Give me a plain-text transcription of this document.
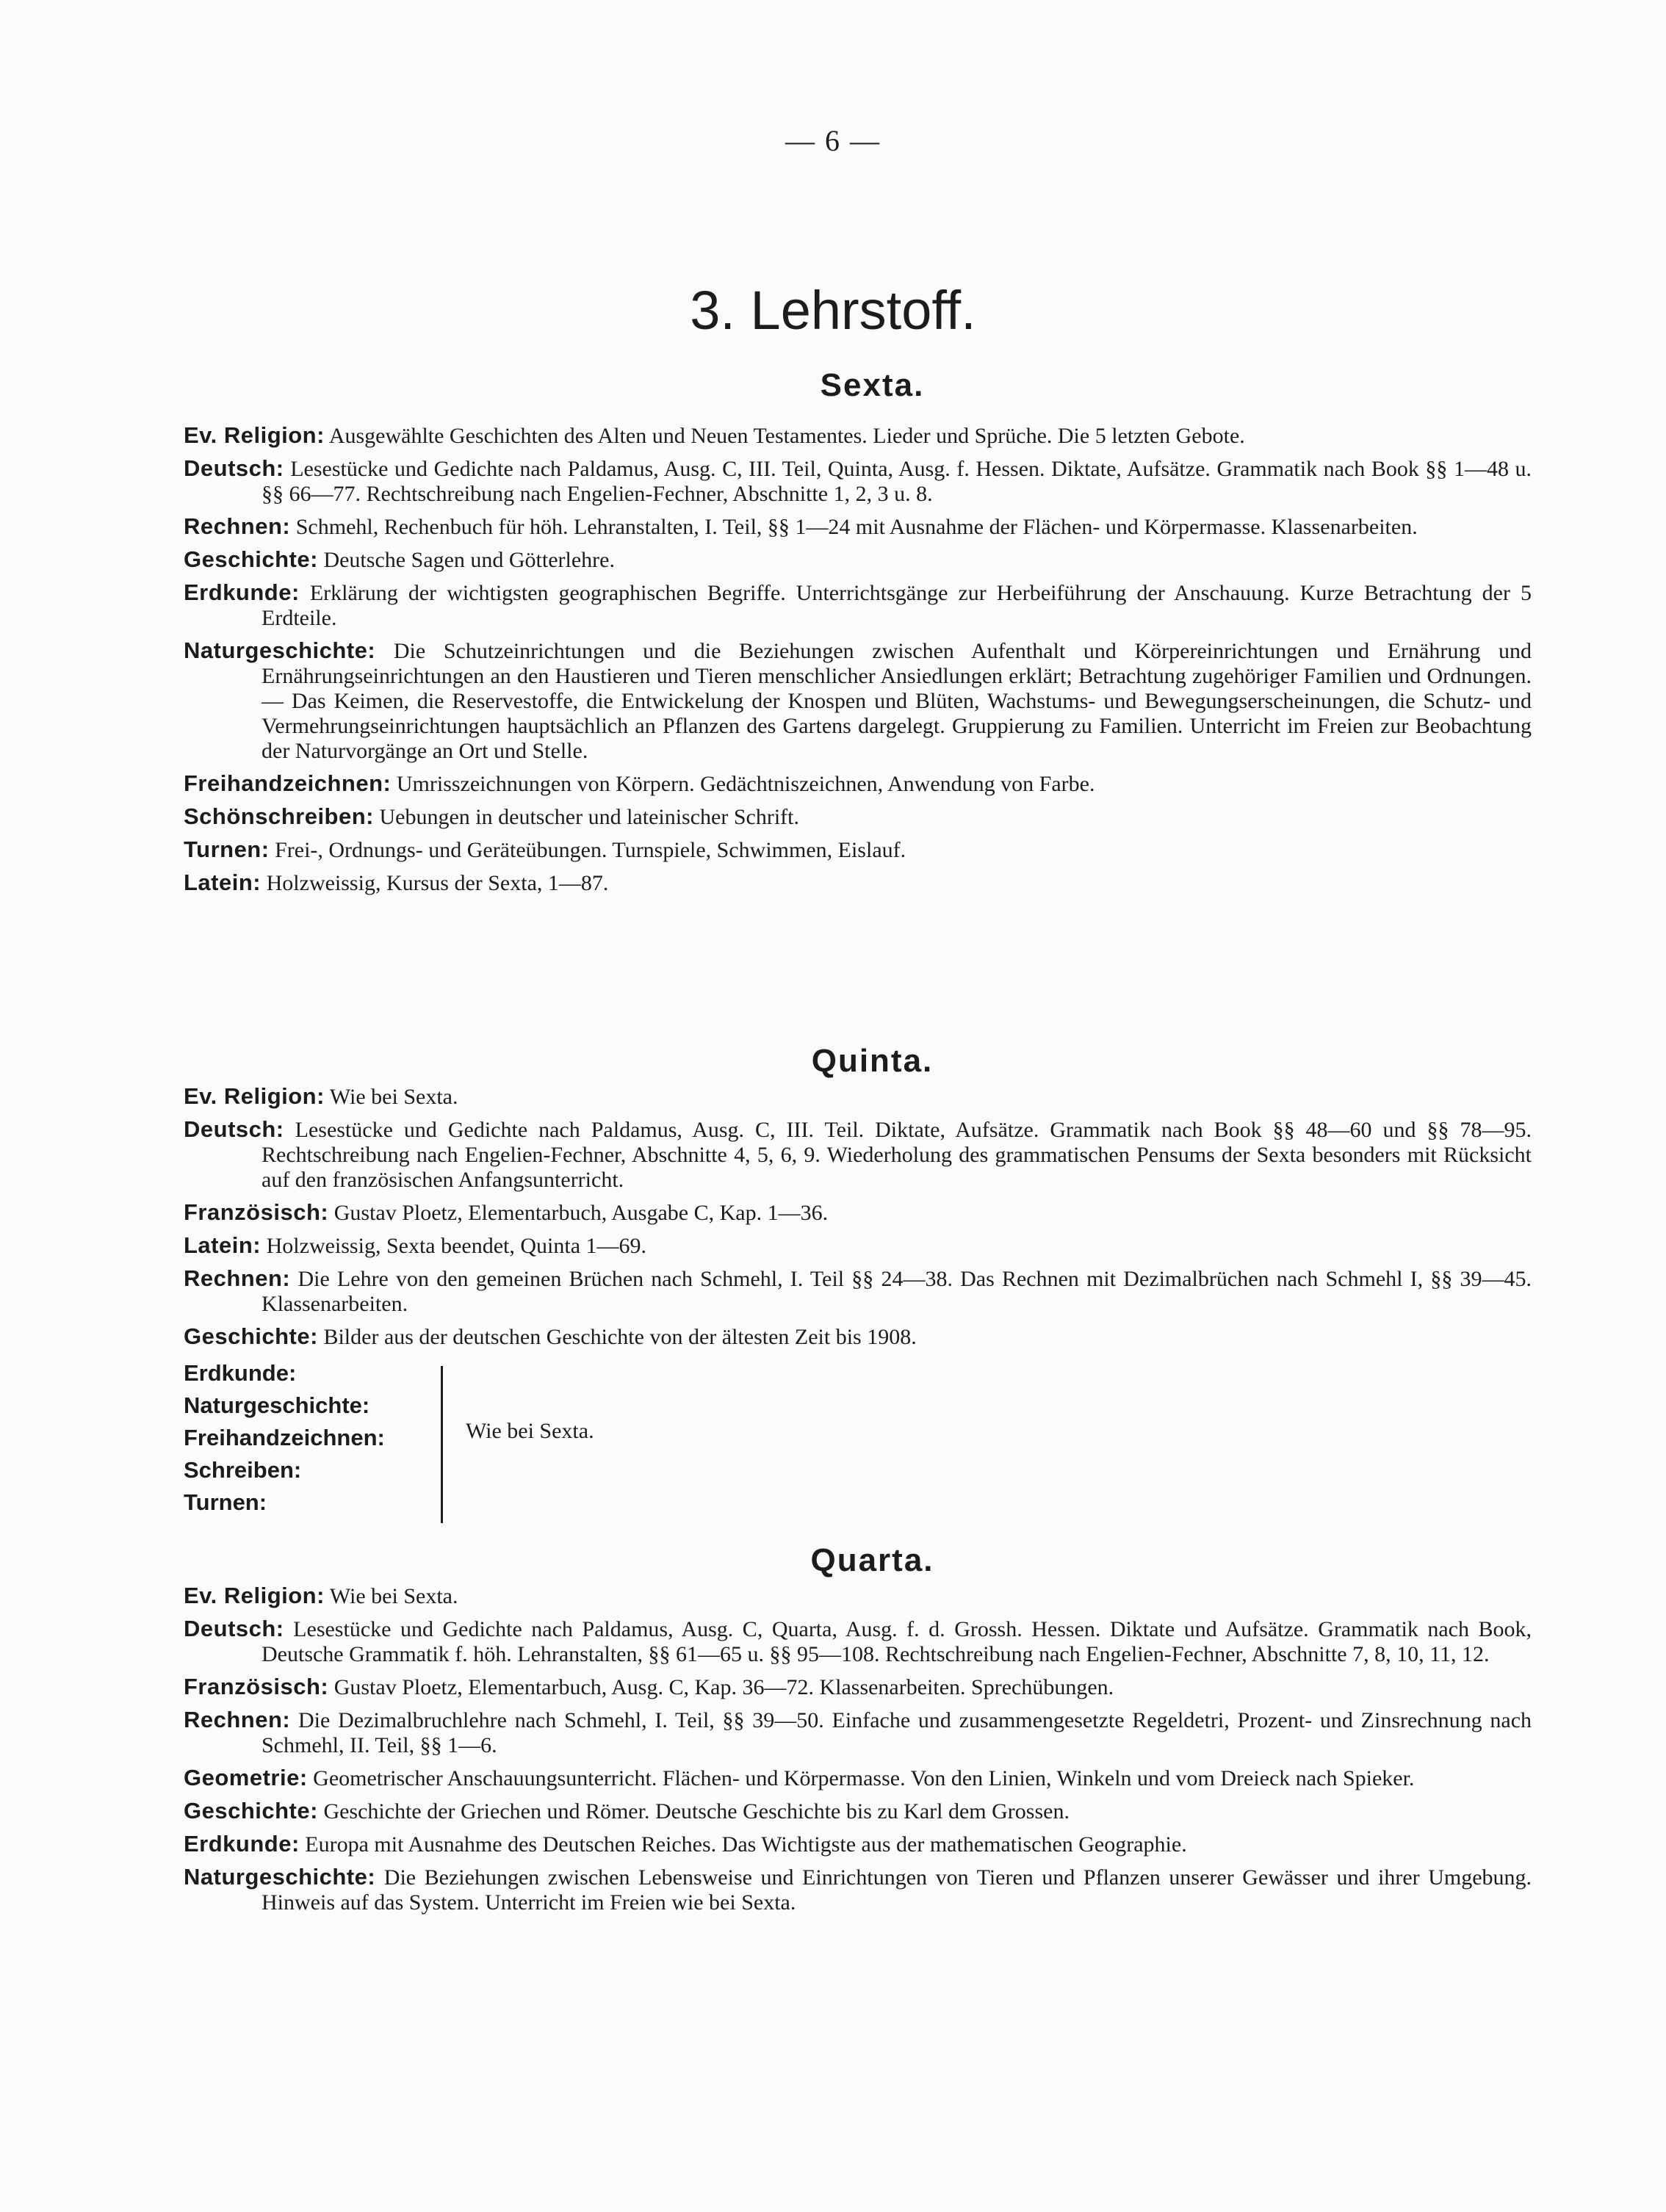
— 6 —
3. Lehrstoff.
Sexta.

Ev. Religion: Ausgewählte Geschichten des Alten und Neuen Testamentes. Lieder und Sprüche. Die 5 letzten Gebote.

Deutsch: Lesestücke und Gedichte nach Paldamus, Ausg. C, III. Teil, Quinta, Ausg. f. Hessen. Diktate, Aufsätze. Grammatik nach Book §§ 1—48 u. §§ 66—77. Rechtschreibung nach Engelien-Fechner, Abschnitte 1, 2, 3 u. 8.

Rechnen: Schmehl, Rechenbuch für höh. Lehranstalten, I. Teil, §§ 1—24 mit Ausnahme der Flächen- und Körpermasse. Klassenarbeiten.

Geschichte: Deutsche Sagen und Götterlehre.

Erdkunde: Erklärung der wichtigsten geographischen Begriffe. Unterrichtsgänge zur Herbeiführung der Anschauung. Kurze Betrachtung der 5 Erdteile.

Naturgeschichte: Die Schutzeinrichtungen und die Beziehungen zwischen Aufenthalt und Körpereinrichtungen und Ernährung und Ernährungseinrichtungen an den Haustieren und Tieren menschlicher Ansiedlungen erklärt; Betrachtung zugehöriger Familien und Ordnungen. — Das Keimen, die Reservestoffe, die Entwickelung der Knospen und Blüten, Wachstums- und Bewegungserscheinungen, die Schutz- und Vermehrungseinrichtungen hauptsächlich an Pflanzen des Gartens dargelegt. Gruppierung zu Familien. Unterricht im Freien zur Beobachtung der Naturvorgänge an Ort und Stelle.

Freihandzeichnen: Umrisszeichnungen von Körpern. Gedächtniszeichnen, Anwendung von Farbe.

Schönschreiben: Uebungen in deutscher und lateinischer Schrift.

Turnen: Frei-, Ordnungs- und Geräteübungen. Turnspiele, Schwimmen, Eislauf.

Latein: Holzweissig, Kursus der Sexta, 1—87.

Quinta.

Ev. Religion: Wie bei Sexta.

Deutsch: Lesestücke und Gedichte nach Paldamus, Ausg. C, III. Teil. Diktate, Aufsätze. Grammatik nach Book §§ 48—60 und §§ 78—95. Rechtschreibung nach Engelien-Fechner, Abschnitte 4, 5, 6, 9. Wiederholung des grammatischen Pensums der Sexta besonders mit Rücksicht auf den französischen Anfangsunterricht.

Französisch: Gustav Ploetz, Elementarbuch, Ausgabe C, Kap. 1—36.

Latein: Holzweissig, Sexta beendet, Quinta 1—69.

Rechnen: Die Lehre von den gemeinen Brüchen nach Schmehl, I. Teil §§ 24—38. Das Rechnen mit Dezimalbrüchen nach Schmehl I, §§ 39—45. Klassenarbeiten.

Geschichte: Bilder aus der deutschen Geschichte von der ältesten Zeit bis 1908.

Erdkunde:
Naturgeschichte:
Freihandzeichnen:
Schreiben:
Turnen:
Wie bei Sexta.
Quarta.

Ev. Religion: Wie bei Sexta.

Deutsch: Lesestücke und Gedichte nach Paldamus, Ausg. C, Quarta, Ausg. f. d. Grossh. Hessen. Diktate und Aufsätze. Grammatik nach Book, Deutsche Grammatik f. höh. Lehranstalten, §§ 61—65 u. §§ 95—108. Rechtschreibung nach Engelien-Fechner, Abschnitte 7, 8, 10, 11, 12.

Französisch: Gustav Ploetz, Elementarbuch, Ausg. C, Kap. 36—72. Klassenarbeiten. Sprechübungen.

Rechnen: Die Dezimalbruchlehre nach Schmehl, I. Teil, §§ 39—50. Einfache und zusammengesetzte Regeldetri, Prozent- und Zinsrechnung nach Schmehl, II. Teil, §§ 1—6.

Geometrie: Geometrischer Anschauungsunterricht. Flächen- und Körpermasse. Von den Linien, Winkeln und vom Dreieck nach Spieker.

Geschichte: Geschichte der Griechen und Römer. Deutsche Geschichte bis zu Karl dem Grossen.

Erdkunde: Europa mit Ausnahme des Deutschen Reiches. Das Wichtigste aus der mathematischen Geographie.

Naturgeschichte: Die Beziehungen zwischen Lebensweise und Einrichtungen von Tieren und Pflanzen unserer Gewässer und ihrer Umgebung. Hinweis auf das System. Unterricht im Freien wie bei Sexta.
